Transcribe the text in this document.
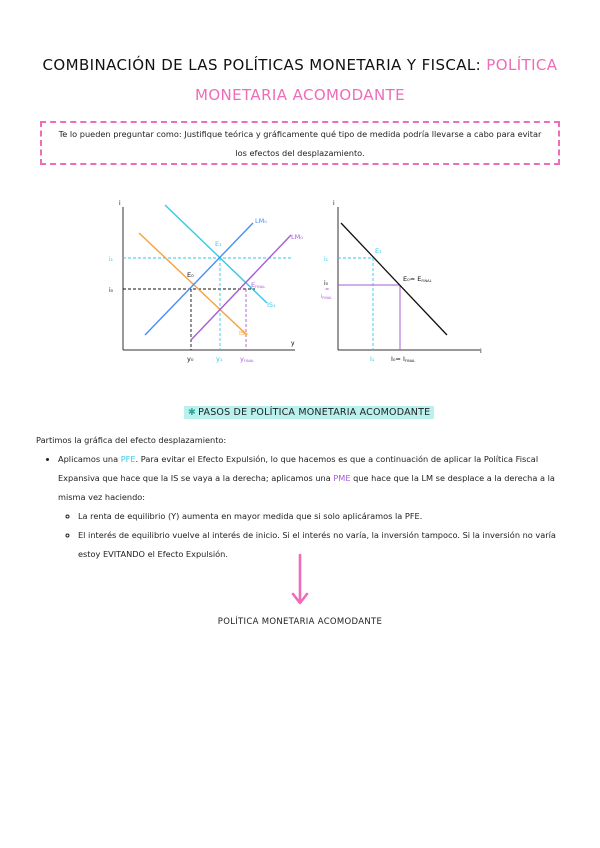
COMBINACIÓN DE LAS POLÍTICAS MONETARIA Y FISCAL: POLÍTICA
MONETARIA ACOMODANTE
Te lo pueden preguntar como: Justifique teórica y gráficamente qué tipo de medida podría llevarse a cabo para evitar
los efectos del desplazamiento.
i
y
LM₀
LM₀
IS₀
IS₁
E₁
E₀
EFINAL
i₁
i₀
y₀	y₁	yFINAL
i
I
E₁
E₀= EFINAL
i₁
i₀
=
$i_{FINAL}$
I₁	I₀= IFINAL
✱ PASOS DE POLÍTICA MONETARIA ACOMODANTE

Partimos la gráfica del efecto desplazamiento:

• Aplicamos una PFE. Para evitar el Efecto Expulsión, lo que hacemos es que a continuación de aplicar la Política Fiscal Expansiva que hace que la IS se vaya a la derecha; aplicamos una PME que hace que la LM se desplace a la derecha a la misma vez haciendo:
◦ La renta de equilibrio (Y) aumenta en mayor medida que si solo aplicáramos la PFE.
◦ El interés de equilibrio vuelve al interés de inicio. Si el interés no varía, la inversión tampoco. Si la inversión no varía estoy EVITANDO el Efecto Expulsión.
POLÍTICA MONETARIA ACOMODANTE
